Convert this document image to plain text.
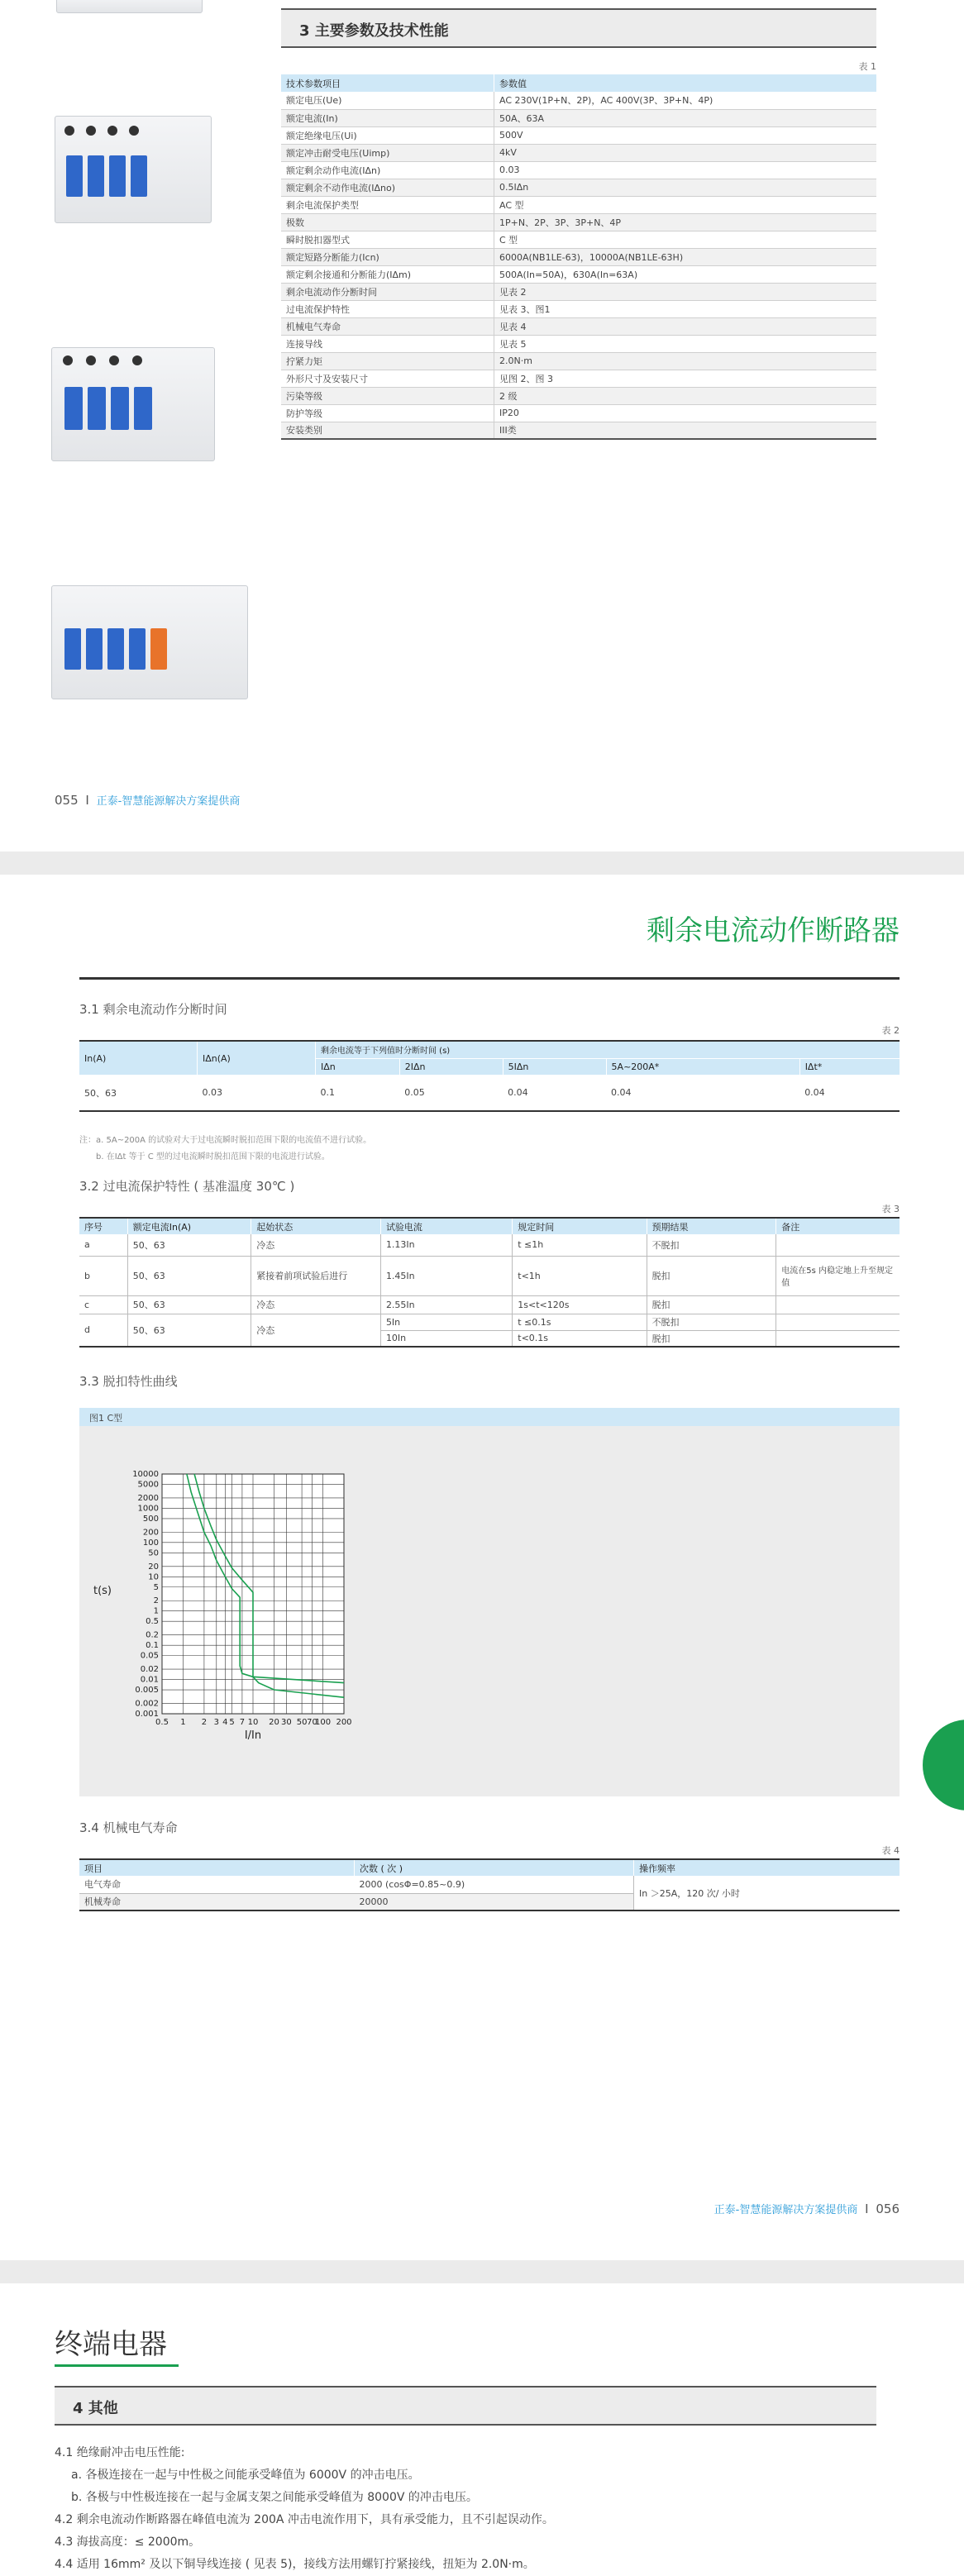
3 主要参数及技术性能
表 1
技术参数项目	参数值
额定电压(Ue)	AC 230V(1P+N、2P)，AC 400V(3P、3P+N、4P)
额定电流(In)	50A、63A
额定绝缘电压(Ui)	500V
额定冲击耐受电压(Uimp)	4kV
额定剩余动作电流(IΔn)	0.03
额定剩余不动作电流(IΔno)	0.5IΔn
剩余电流保护类型	AC 型
极数	1P+N、2P、3P、3P+N、4P
瞬时脱扣器型式	C 型
额定短路分断能力(Icn)	6000A(NB1LE-63)，10000A(NB1LE-63H)
额定剩余接通和分断能力(IΔm)	500A(In=50A)，630A(In=63A)
剩余电流动作分断时间	见表 2
过电流保护特性	见表 3、图1
机械电气寿命	见表 4
连接导线	见表 5
拧紧力矩	2.0N·m
外形尺寸及安装尺寸	见图 2、图 3
污染等级	2 级
防护等级	IP20
安装类别	III类
055 I 正泰-智慧能源解决方案提供商
剩余电流动作断路器
3.1 剩余电流动作分断时间
表 2
In(A)	IΔn(A)	剩余电流等于下列值时分断时间 (s)				
		IΔn	2IΔn	5IΔn	5A~200A*	IΔt*
50、63	0.03	0.1	0.05	0.04	0.04	0.04
注：a. 5A~200A 的试验对大于过电流瞬时脱扣范围下限的电流值不进行试验。
b. 在IΔt 等于 C 型的过电流瞬时脱扣范围下限的电流进行试验。
3.2 过电流保护特性 ( 基准温度 30℃ )
表 3
序号	额定电流In(A)	起始状态	试验电流	规定时间	预期结果	备注
a	50、63	冷态	1.13In	t ≤1h	不脱扣	
b	50、63	紧接着前项试验后进行	1.45In	t<1h	脱扣	电流在5s 内稳定地上升至规定值
c	50、63	冷态	2.55In	1s<t<120s	脱扣	
d	50、63	冷态	5In	t ≤0.1s	不脱扣	
			10In	t<0.1s	脱扣	
3.3 脱扣特性曲线
图1 C型
0.5 1 2 3 4 5 7 10 20 30 50 70
100 200
0.001
0.002
0.005
0.01
0.02
0.05
0.1
0.2
0.5
1
2
5
10
20
50
100
200
500
1000
2000
5000
10000
I/In
t(s)
3.4 机械电气寿命
表 4
项目	次数 ( 次 )	操作频率
电气寿命	2000 (cosΦ=0.85~0.9)	In ＞25A，120 次/ 小时
机械寿命	20000	
正泰-智慧能源解决方案提供商 I 056
终端电器
4 其他
4.1 绝缘耐冲击电压性能:
a. 各极连接在一起与中性极之间能承受峰值为 6000V 的冲击电压。
b. 各极与中性极连接在一起与金属支架之间能承受峰值为 8000V 的冲击电压。
4.2 剩余电流动作断路器在峰值电流为 200A 冲击电流作用下，具有承受能力，且不引起误动作。
4.3 海拔高度：≤ 2000m。
4.4 适用 16mm² 及以下铜导线连接 ( 见表 5)，接线方法用螺钉拧紧接线，扭矩为 2.0N·m。
